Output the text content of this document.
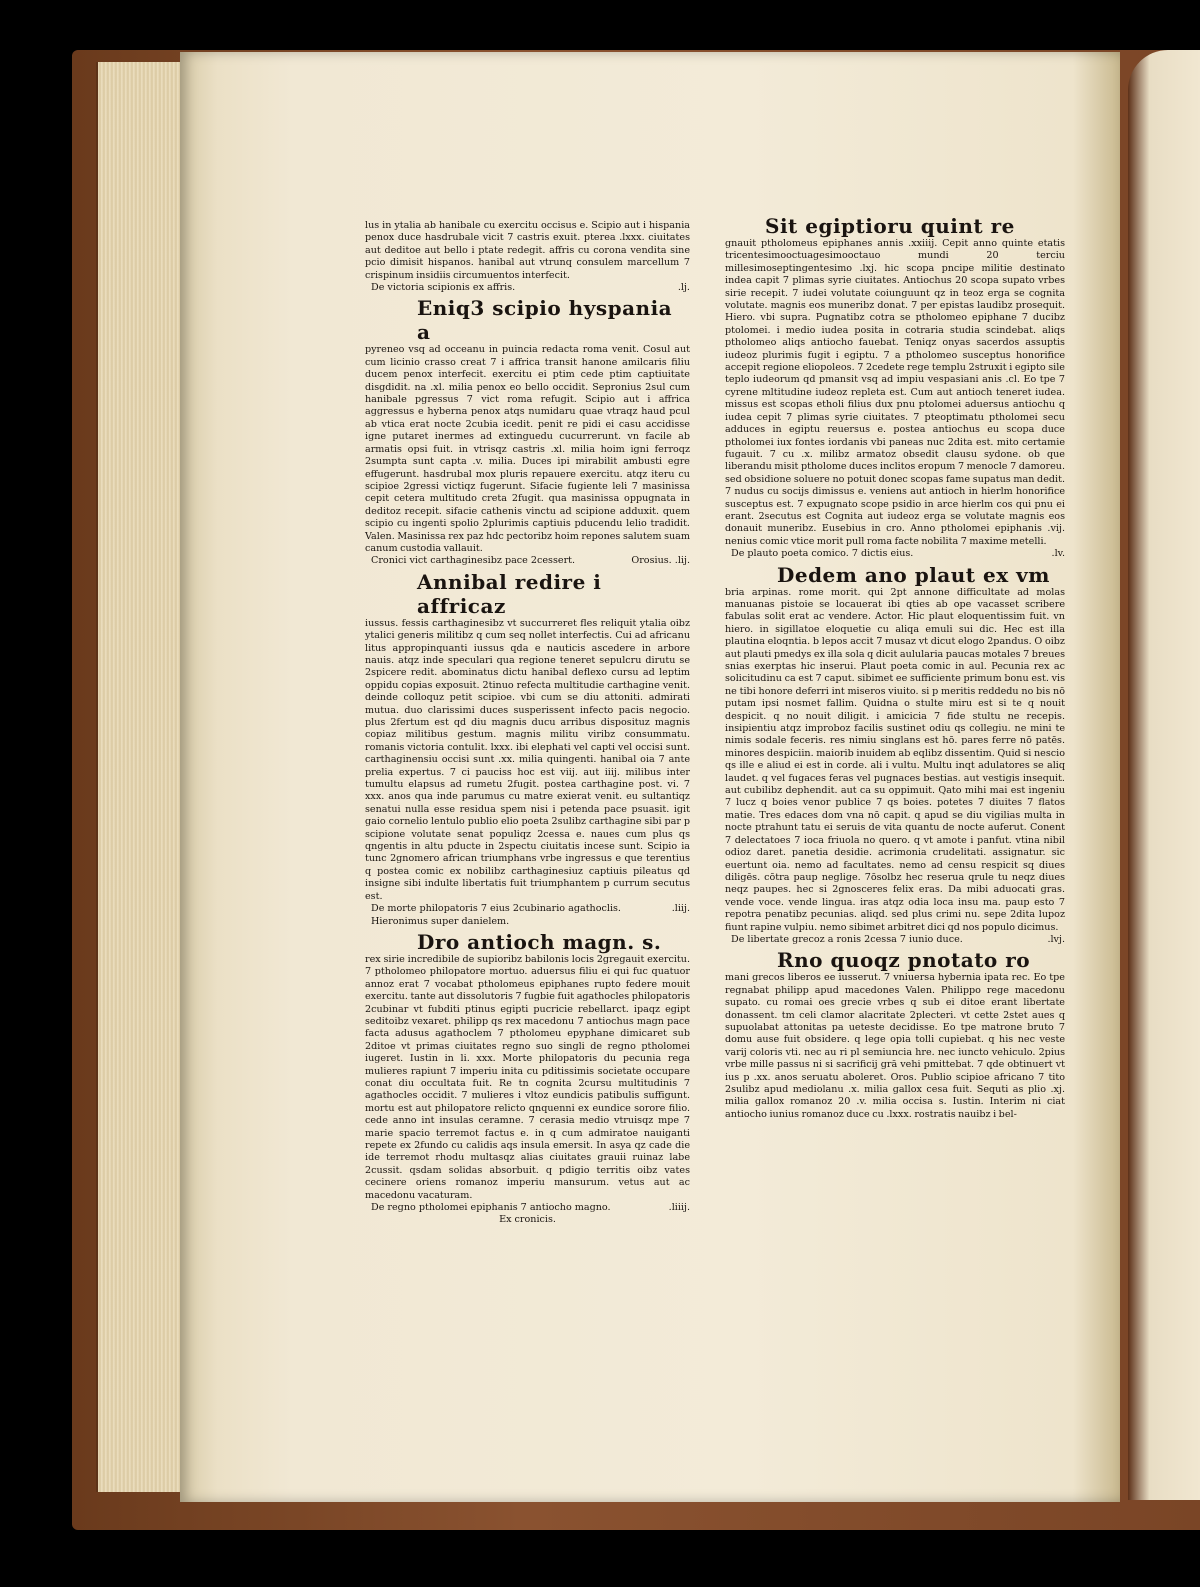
lus in ytalia ab hanibale cu exercitu occisus e. Scipio aut i hispania penox duce hasdrubale vicit 7 castris exuit. pterea .lxxx. ciuitates aut deditoe aut bello i ptate redegit. affris cu corona vendita sine pcio dimisit hispanos. hanibal aut vtrunq consulem marcellum 7 crispinum insidiis circumuentos interfecit.
De victoria scipionis ex affris.	.lj.
Eniq3 scipio hyspania a
pyreneo vsq ad occeanu in puincia redacta roma venit. Cosul aut cum licinio crasso creat 7 i affrica transit hanone amilcaris filiu ducem penox interfecit. exercitu ei ptim cede ptim captiuitate disgdidit. na .xl. milia penox eo bello occidit. Sepronius 2sul cum hanibale pgressus 7 vict roma refugit. Scipio aut i affrica aggressus e hyberna penox atqs numidaru quae vtraqz haud pcul ab vtica erat nocte 2cubia icedit. penit re pidi ei casu accidisse igne putaret inermes ad extinguedu cucurrerunt. vn facile ab armatis opsi fuit. in vtrisqz castris .xl. milia hoim igni ferroqz 2sumpta sunt capta .v. milia. Duces ipi mirabilit ambusti egre effugerunt. hasdrubal mox pluris repauere exercitu. atqz iteru cu scipioe 2gressi victiqz fugerunt. Sifacie fugiente leli 7 masinissa cepit cetera multitudo creta 2fugit. qua masinissa oppugnata in deditoz recepit. sifacie cathenis vinctu ad scipione adduxit. quem scipio cu ingenti spolio 2plurimis captiuis pducendu lelio tradidit. Valen. Masinissa rex paz hdc pectoribz hoim repones salutem suam canum custodia vallauit.
Cronici vict carthaginesibz pace 2cessert.	Orosius. .lij.
Annibal redire i affricaz
iussus. fessis carthaginesibz vt succurreret fles reliquit ytalia oibz ytalici generis militibz q cum seq nollet interfectis. Cui ad africanu litus appropinquanti iussus qda e nauticis ascedere in arbore nauis. atqz inde speculari qua regione teneret sepulcru dirutu se 2spicere redit. abominatus dictu hanibal deflexo cursu ad leptim oppidu copias exposuit. 2tinuo refecta multitudie carthagine venit. deinde colloquz petit scipioe. vbi cum se diu attoniti. admirati mutua. duo clarissimi duces susperissent infecto pacis negocio. plus 2fertum est qd diu magnis ducu arribus disposituz magnis copiaz militibus gestum. magnis militu viribz consummatu. romanis victoria contulit. lxxx. ibi elephati vel capti vel occisi sunt. carthaginensiu occisi sunt .xx. milia quingenti. hanibal oia 7 ante prelia expertus. 7 ci pauciss hoc est viij. aut iiij. milibus inter tumultu elapsus ad rumetu 2fugit. postea carthagine post. vi. 7 xxx. anos qua inde parumus cu matre exierat venit. eu sultantiqz senatui nulla esse residua spem nisi i petenda pace psuasit. igit gaio cornelio lentulo publio elio poeta 2sulibz carthagine sibi par p scipione volutate senat populiqz 2cessa e. naues cum plus qs qngentis in altu pducte in 2spectu ciuitatis incese sunt. Scipio ia tunc 2gnomero african triumphans vrbe ingressus e que terentius q postea comic ex nobilibz carthaginesiuz captiuis pileatus qd insigne sibi indulte libertatis fuit triumphantem p currum secutus est.
De morte philopatoris 7 eius 2cubinario agathoclis.	.liij.
Hieronimus super danielem.
Dro antioch magn. s.
rex sirie incredibile de supioribz babilonis locis 2gregauit exercitu. 7 ptholomeo philopatore mortuo. aduersus filiu ei qui fuc quatuor annoz erat 7 vocabat ptholomeus epiphanes rupto federe mouit exercitu. tante aut dissolutoris 7 fugbie fuit agathocles philopatoris 2cubinar vt fubditi ptinus egipti pucricie rebellarct. ipaqz egipt seditoibz vexaret. philipp qs rex macedonu 7 antiochus magn pace facta adusus agathoclem 7 ptholomeu epyphane dimicaret sub 2ditoe vt primas ciuitates regno suo singli de regno ptholomei iugeret. Iustin in li. xxx. Morte philopatoris du pecunia rega mulieres rapiunt 7 imperiu inita cu pditissimis societate occupare conat diu occultata fuit. Re tn cognita 2cursu multitudinis 7 agathocles occidit. 7 mulieres i vltoz eundicis patibulis suffigunt. mortu est aut philopatore relicto qnquenni ex eundice sorore filio. cede anno int insulas ceramne. 7 cerasia medio vtruisqz mpe 7 marie spacio terremot factus e. in q cum admiratoe nauiganti repete ex 2fundo cu calidis aqs insula emersit. In asya qz cade die ide terremot rhodu multasqz alias ciuitates grauii ruinaz labe 2cussit. qsdam solidas absorbuit. q pdigio territis oibz vates cecinere oriens romanoz imperiu mansurum. vetus aut ac macedonu vacaturam.
De regno ptholomei epiphanis 7 antiocho magno.	.liiij.
Ex cronicis.
Sit egiptioru quint re
gnauit ptholomeus epiphanes annis .xxiiij. Cepit anno quinte etatis tricentesimooctuagesimooctauo mundi 20 terciu millesimoseptingentesimo .lxj. hic scopa pncipe militie destinato indea capit 7 plimas syrie ciuitates. Antiochus 20 scopa supato vrbes sirie recepit. 7 iudei volutate coiunguunt qz in teoz erga se cognita volutate. magnis eos muneribz donat. 7 per epistas laudibz prosequit. Hiero. vbi supra. Pugnatibz cotra se ptholomeo epiphane 7 ducibz ptolomei. i medio iudea posita in cotraria studia scindebat. aliqs ptholomeo aliqs antiocho fauebat. Teniqz onyas sacerdos assuptis iudeoz plurimis fugit i egiptu. 7 a ptholomeo susceptus honorifice accepit regione eliopoleos. 7 2cedete rege templu 2struxit i egipto sile teplo iudeorum qd pmansit vsq ad impiu vespasiani anis .cl. Eo tpe 7 cyrene mltitudine iudeoz repleta est. Cum aut antioch teneret iudea. missus est scopas etholi filius dux pnu ptolomei aduersus antiochu q iudea cepit 7 plimas syrie ciuitates. 7 pteoptimatu ptholomei secu adduces in egiptu reuersus e. postea antiochus eu scopa duce ptholomei iux fontes iordanis vbi paneas nuc 2dita est. mito certamie fugauit. 7 cu .x. milibz armatoz obsedit clausu sydone. ob que liberandu misit ptholome duces inclitos eropum 7 menocle 7 damoreu. sed obsidione soluere no potuit donec scopas fame supatus man dedit. 7 nudus cu socijs dimissus e. veniens aut antioch in hierlm honorifice susceptus est. 7 expugnato scope psidio in arce hierlm cos qui pnu ei erant. 2secutus est Cognita aut iudeoz erga se volutate magnis eos donauit muneribz. Eusebius in cro. Anno ptholomei epiphanis .vij. nenius comic vtice morit pull roma facte nobilita 7 maxime metelli.
De plauto poeta comico. 7 dictis eius.	.lv.
Dedem ano plaut ex vm
bria arpinas. rome morit. qui 2pt annone difficultate ad molas manuanas pistoie se locauerat ibi qties ab ope vacasset scribere fabulas solit erat ac vendere. Actor. Hic plaut eloquentissim fuit. vn hiero. in sigillatoe eloquetie cu aliqa emuli sui dic. Hec est illa plautina eloqntia. b lepos accit 7 musaz vt dicut elogo 2pandus. O oibz aut plauti pmedys ex illa sola q dicit aulularia paucas motales 7 breues snias exerptas hic inserui. Plaut poeta comic in aul. Pecunia rex ac solicitudinu ca est 7 caput. sibimet ee sufficiente primum bonu est. vis ne tibi honore deferri int miseros viuito. si p meritis reddedu no bis nō putam ipsi nosmet fallim. Quidna o stulte miru est si te q nouit despicit. q no nouit diligit. i amicicia 7 fide stultu ne recepis. insipientiu atqz improboz facilis sustinet odiu qs collegiu. ne mini te nimis sodale feceris. res nimiu singlans est hō. pares ferre nō patēs. minores despiciin. maiorib inuidem ab eqlibz dissentim. Quid si nescio qs ille e aliud ei est in corde. ali i vultu. Multu inqt adulatores se aliq laudet. q vel fugaces feras vel pugnaces bestias. aut vestigis insequit. aut cubilibz dephendit. aut ca su oppimuit. Qato mihi mai est ingeniu 7 lucz q boies venor publice 7 qs boies. potetes 7 diuites 7 flatos matie. Tres edaces dom vna nō capit. q apud se diu vigilias multa in nocte ptrahunt tatu ei seruis de vita quantu de nocte auferut. Conent 7 delectatoes 7 ioca friuola no quero. q vt amote i panfut. vtina nibil odioz daret. panetia desidie. acrimonia crudelitati. assignatur. sic euertunt oia. nemo ad facultates. nemo ad censu respicit sq diues diligēs. cōtra paup neglige. 7ōsolbz hec reserua qrule tu neqz diues neqz paupes. hec si 2gnosceres felix eras. Da mibi aduocati gras. vende voce. vende lingua. iras atqz odia loca insu ma. paup esto 7 repotra penatibz pecunias. aliqd. sed plus crimi nu. sepe 2dita lupoz fiunt rapine vulpiu. nemo sibimet arbitret dici qd nos populo dicimus.
De libertate grecoz a ronis 2cessa 7 iunio duce.	.lvj.
Rno quoqz pnotato ro
mani grecos liberos ee iusserut. 7 vniuersa hybernia ipata rec. Eo tpe regnabat philipp apud macedones Valen. Philippo rege macedonu supato. cu romai oes grecie vrbes q sub ei ditoe erant libertate donassent. tm celi clamor alacritate 2plecteri. vt cette 2stet aues q supuolabat attonitas pa ueteste decidisse. Eo tpe matrone bruto 7 domu ause fuit obsidere. q lege opia tolli cupiebat. q his nec veste varij coloris vti. nec au ri pl semiuncia hre. nec iuncto vehiculo. 2pius vrbe mille passus ni si sacrificij grā vehi pmittebat. 7 qde obtinuert vt ius p .xx. anos seruatu aboleret. Oros. Publio scipioe africano 7 tito 2sulibz apud mediolanu .x. milia gallox cesa fuit. Sequti as plio .xj. milia gallox romanoz 20 .v. milia occisa s. Iustin. Interim ni ciat antiocho iunius romanoz duce cu .lxxx. rostratis nauibz i bel-
